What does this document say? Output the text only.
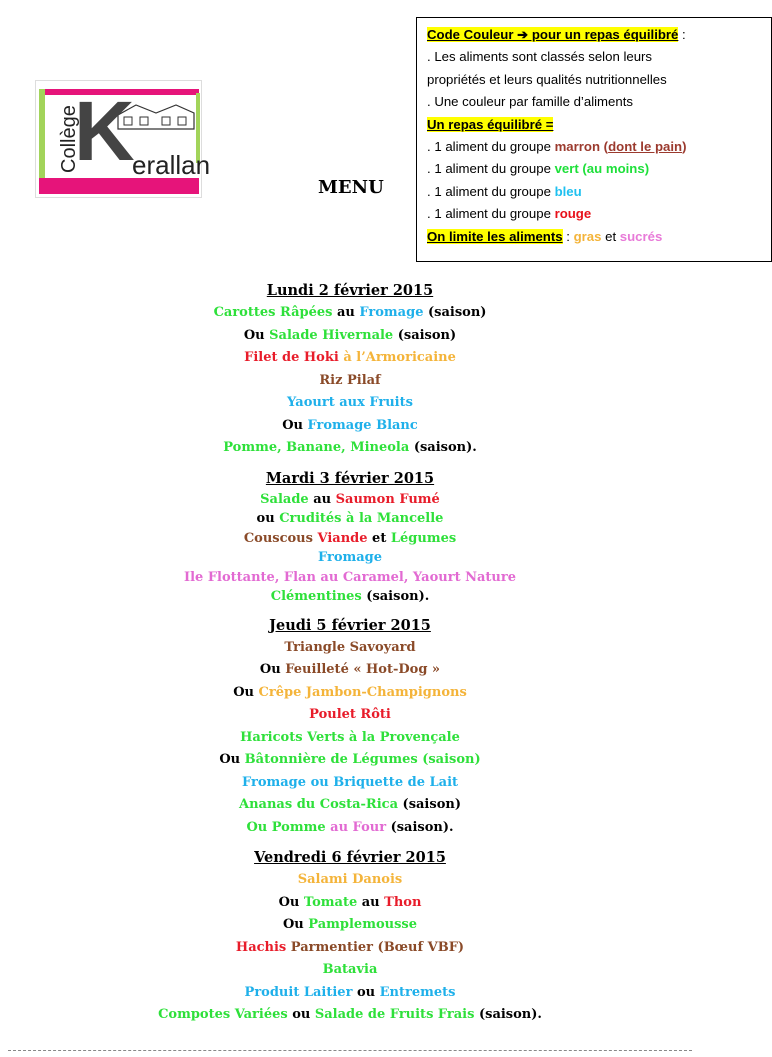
Collège
K
erallan
MENU
Code Couleur ➔ pour un repas équilibré :
. Les aliments sont classés selon leurs
propriétés et leurs qualités nutritionnelles
. Une couleur par famille d’aliments
Un repas équilibré =
. 1 aliment du groupe marron (dont le pain)
. 1 aliment du groupe vert (au moins)
. 1 aliment du groupe bleu
. 1 aliment du groupe rouge
On limite les aliments : gras et sucrés
Lundi 2 février 2015
Carottes Râpées au Fromage (saison)
Ou Salade Hivernale (saison)
Filet de Hoki à l’Armoricaine
Riz Pilaf
Yaourt aux Fruits
Ou Fromage Blanc
Pomme, Banane, Mineola (saison).
Mardi 3 février 2015
Salade au Saumon Fumé
ou Crudités à la Mancelle
Couscous Viande et Légumes
Fromage
Ile Flottante, Flan au Caramel, Yaourt Nature
Clémentines (saison).
Jeudi 5 février 2015
Triangle Savoyard
Ou Feuilleté « Hot-Dog »
Ou Crêpe Jambon-Champignons
Poulet Rôti
Haricots Verts à la Provençale
Ou Bâtonnière de Légumes (saison)
Fromage ou Briquette de Lait
Ananas du Costa-Rica (saison)
Ou Pomme au Four (saison).
Vendredi 6 février 2015
Salami Danois
Ou Tomate au Thon
Ou Pamplemousse
Hachis Parmentier (Bœuf VBF)
Batavia
Produit Laitier ou Entremets
Compotes Variées ou Salade de Fruits Frais (saison).
